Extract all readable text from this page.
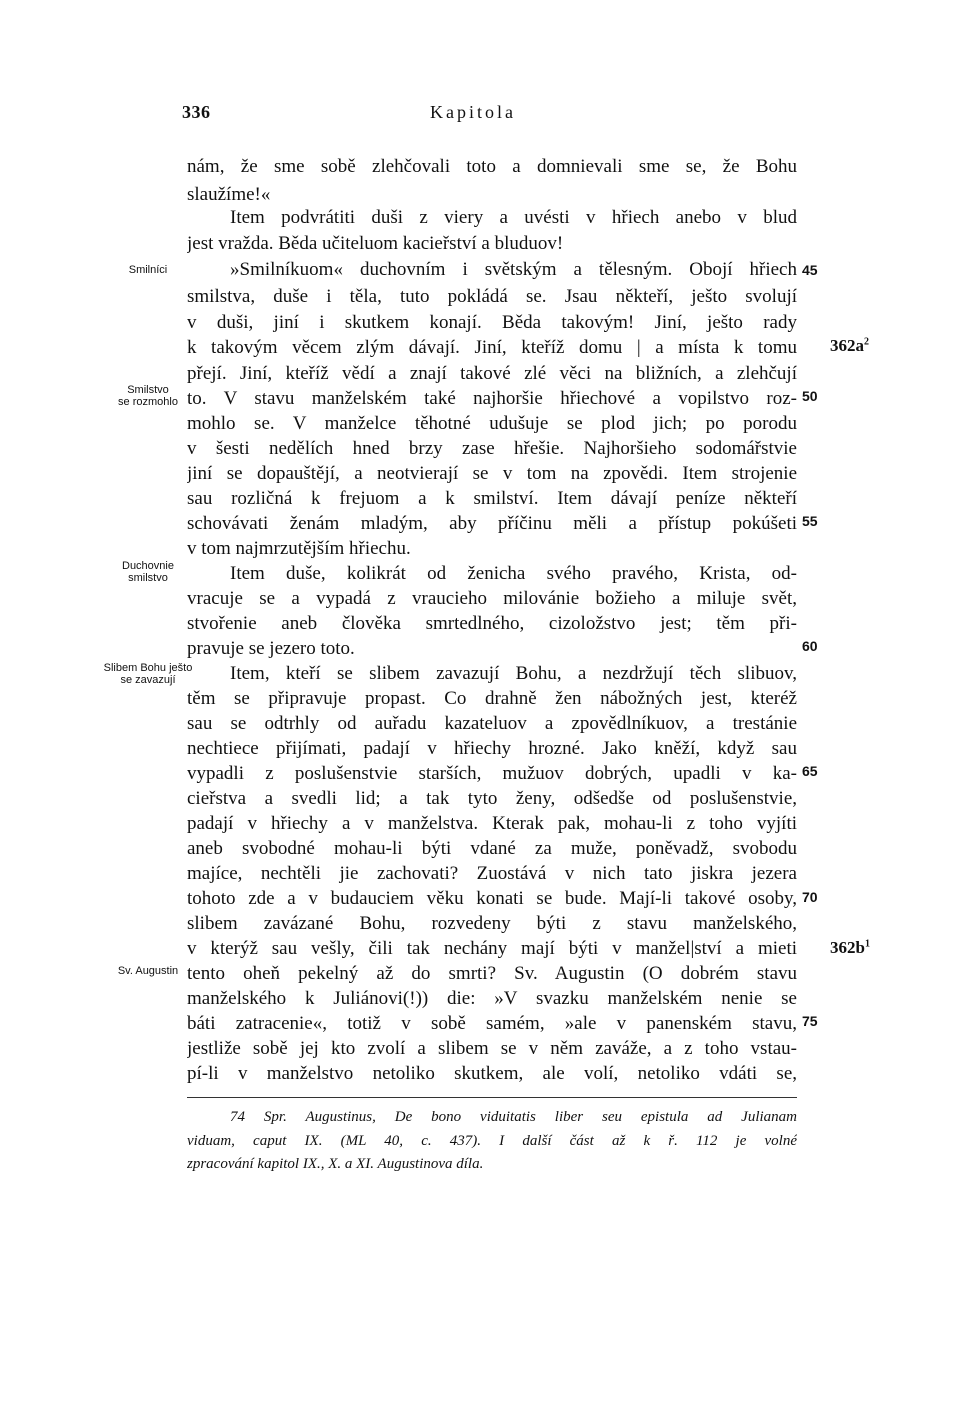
336	Kapitola
nám, že sme sobě zlehčovali toto a domnievali sme se, že Bohu
slaužíme!«
Item podvrátiti duši z viery a uvésti v hřiech anebo v blud
jest vražda. Běda učiteluom kacieřství a bluduov!
»Smilníkuom« duchovním i světským a tělesným. Obojí hřiech
smilstva, duše i těla, tuto pokládá se. Jsau někteří, ješto svolují
v duši, jiní i skutkem konají. Běda takovým! Jiní, ješto rady
k takovým věcem zlým dávají. Jiní, kteříž domu | a místa k tomu
přejí. Jiní, kteříž vědí a znají takové zlé věci na bližních, a zlehčují
to. V stavu manželském také najhoršie hřiechové a vopilstvo roz-
mohlo se. V manželce těhotné udušuje se plod jich; po porodu
v šesti nedělích hned brzy zase hřešie. Najhoršieho sodomářstvie
jiní se dopauštějí, a neotvierají se v tom na zpovědi. Item strojenie
sau rozličná k frejuom a k smilství. Item dávají peníze někteří
schovávati ženám mladým, aby příčinu měli a přístup pokúšeti
v tom najmrzutějším hřiechu.
Item duše, kolikrát od ženicha svého pravého, Krista, od-
vracuje se a vypadá z vraucieho milovánie božieho a miluje svět,
stvořenie aneb člověka smrtedlného, cizoložstvo jest; těm při-
pravuje se jezero toto.
Item, kteří se slibem zavazují Bohu, a nezdržují těch slibuov,
těm se připravuje propast. Co drahně žen nábožných jest, kteréž
sau se odtrhly od auřadu kazateluov a zpovědlníkuov, a trestánie
nechtiece přijímati, padají v hřiechy hrozné. Jako kněží, když sau
vypadli z poslušenstvie starších, mužuov dobrých, upadli v ka-
cieřstva a svedli lid; a tak tyto ženy, odšedše od poslušenstvie,
padají v hřiechy a v manželstva. Kterak pak, mohau-li z toho vyjíti
aneb svobodné mohau-li býti vdané za muže, poněvadž, svobodu
majíce, nechtěli jie zachovati? Zuostává v nich tato jiskra jezera
tohoto zde a v budauciem věku konati se bude. Mají-li takové osoby,
slibem zavázané Bohu, rozvedeny býti z stavu manželského,
v kterýž sau vešly, čili tak nechány mají býti v manžel|ství a mieti
tento oheň pekelný až do smrti? Sv. Augustin (O dobrém stavu
manželského k Juliánovi(!)) die: »V svazku manželském nenie se
báti zatracenie«, totiž v sobě samém, »ale v panenském stavu,
jestliže sobě jej kto zvolí a slibem se v něm zaváže, a z toho vstau-
pí-li v manželstvo netoliko skutkem, ale volí, netoliko vdáti se,
Smilníci
Smilstvo
se rozmohlo
Duchovnie
smilstvo
Slibem Bohu ješto
se zavazují
Sv. Augustin
45
50
55
60
65
70
75
$362a^2$
$362b^1$
74 Spr. Augustinus, De bono viduitatis liber seu epistula ad Julianam
viduam, caput IX. (ML 40, c. 437). I další část až k ř. 112 je volné
zpracování kapitol IX., X. a XI. Augustinova díla.
